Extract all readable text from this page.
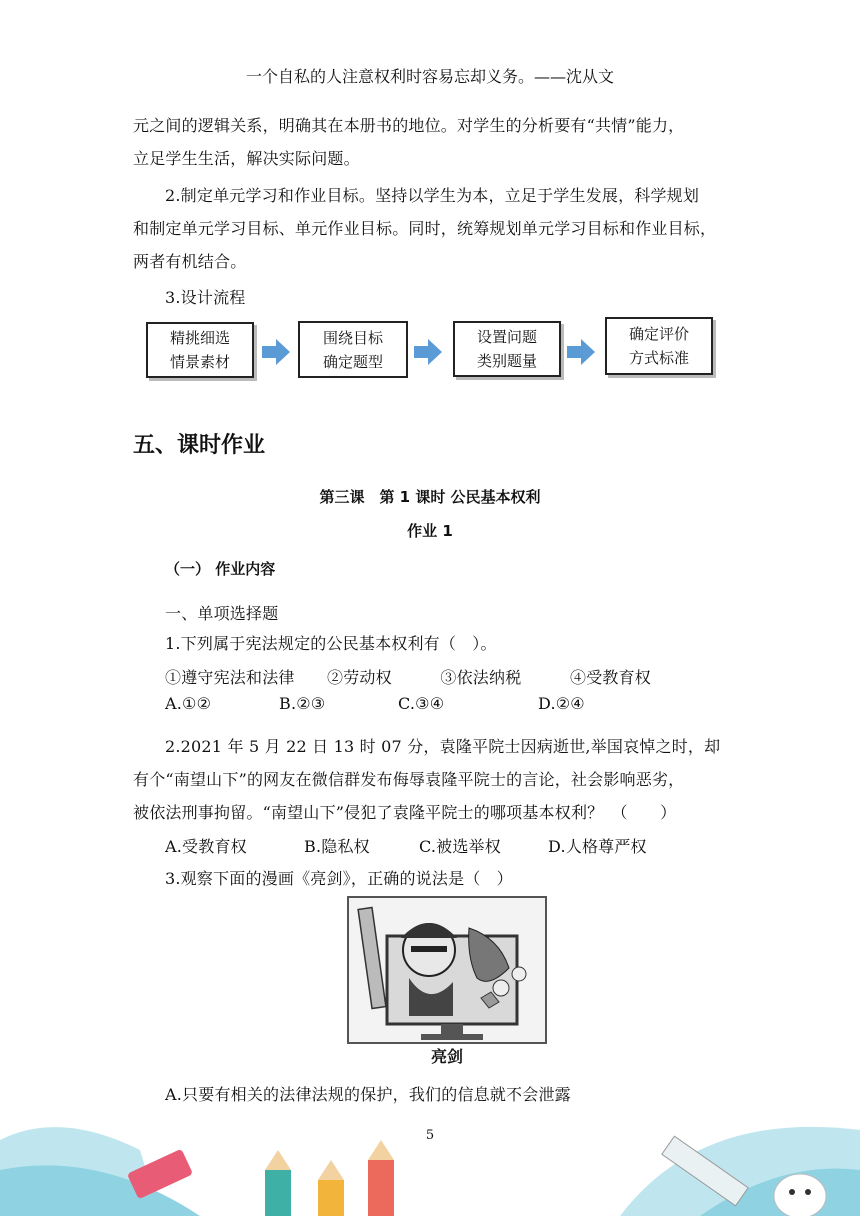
一个自私的人注意权利时容易忘却义务。——沈从文
元之间的逻辑关系，明确其在本册书的地位。对学生的分析要有“共情”能力，
立足学生生活，解决实际问题。
2.制定单元学习和作业目标。坚持以学生为本，立足于学生发展，科学规划
和制定单元学习目标、单元作业目标。同时，统筹规划单元学习目标和作业目标，
两者有机结合。
3.设计流程
精挑细选
情景素材
围绕目标
确定题型
设置问题
类别题量
确定评价
方式标准
五、课时作业
第三课　第 1 课时 公民基本权利
作业 1
（一） 作业内容
一、单项选择题
1.下列属于宪法规定的公民基本权利有（　）。
①遵守宪法和法律　　②劳动权　　　③依法纳税　　　④受教育权
A.①②	B.②③	C.③④	D.②④
2.2021 年 5 月 22 日 13 时 07 分，袁隆平院士因病逝世,举国哀悼之时，却
有个“南望山下”的网友在微信群发布侮辱袁隆平院士的言论，社会影响恶劣，
被依法刑事拘留。“南望山下”侵犯了袁隆平院士的哪项基本权利？　（　　）
A.受教育权	B.隐私权	C.被选举权	D.人格尊严权
3.观察下面的漫画《亮剑》，正确的说法是（　）
亮剑
A.只要有相关的法律法规的保护，我们的信息就不会泄露
5
